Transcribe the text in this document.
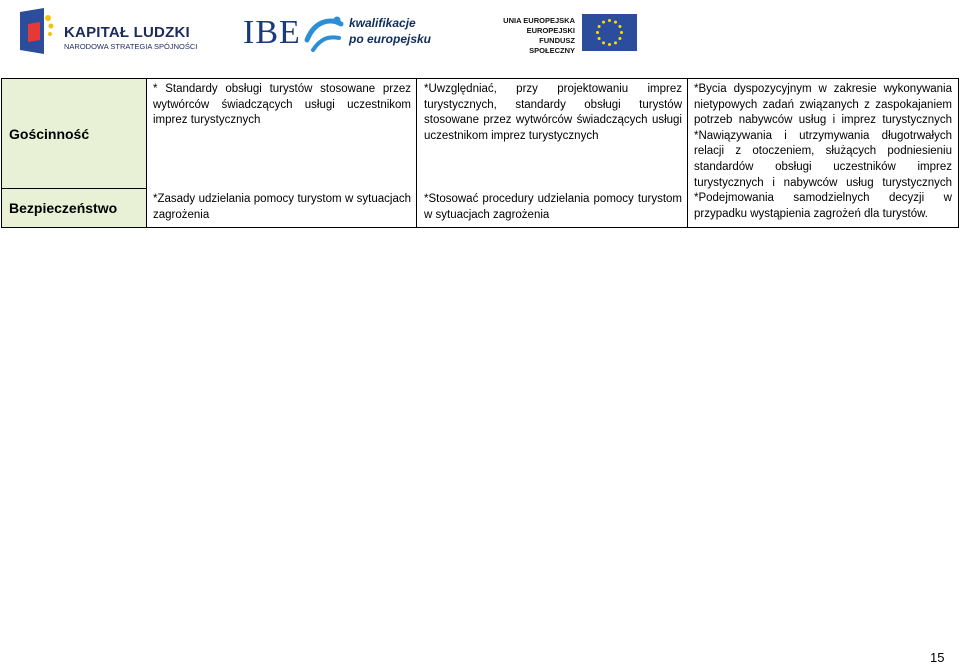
KAPITAŁ LUDZKI
NARODOWA STRATEGIA SPÓJNOŚCI IBE	kwalifikacje
po europejsku
UNIA EUROPEJSKA
EUROPEJSKI
FUNDUSZ SPOŁECZNY
Gościnność
Bezpieczeństwo
* Standardy obsługi turystów stosowane przez wytwórców świadczących usługi uczestnikom imprez turystycznych
*Zasady udzielania pomocy turystom w sytuacjach zagrożenia
*Uwzględniać, przy projektowaniu imprez turystycznych, standardy obsługi turystów stosowane przez wytwórców świadczących usługi uczestnikom imprez turystycznych
*Stosować procedury udzielania pomocy turystom w sytuacjach zagrożenia
*Bycia dyspozycyjnym w zakresie wykonywania nietypowych zadań związanych z zaspokajaniem potrzeb nabywców usług i imprez turystycznych *Nawiązywania i utrzymywania długotrwałych relacji z otoczeniem, służących podniesieniu standardów obsługi uczestników imprez turystycznych i nabywców usług turystycznych *Podejmowania samodzielnych decyzji w przypadku wystąpienia zagrożeń dla turystów.
15
